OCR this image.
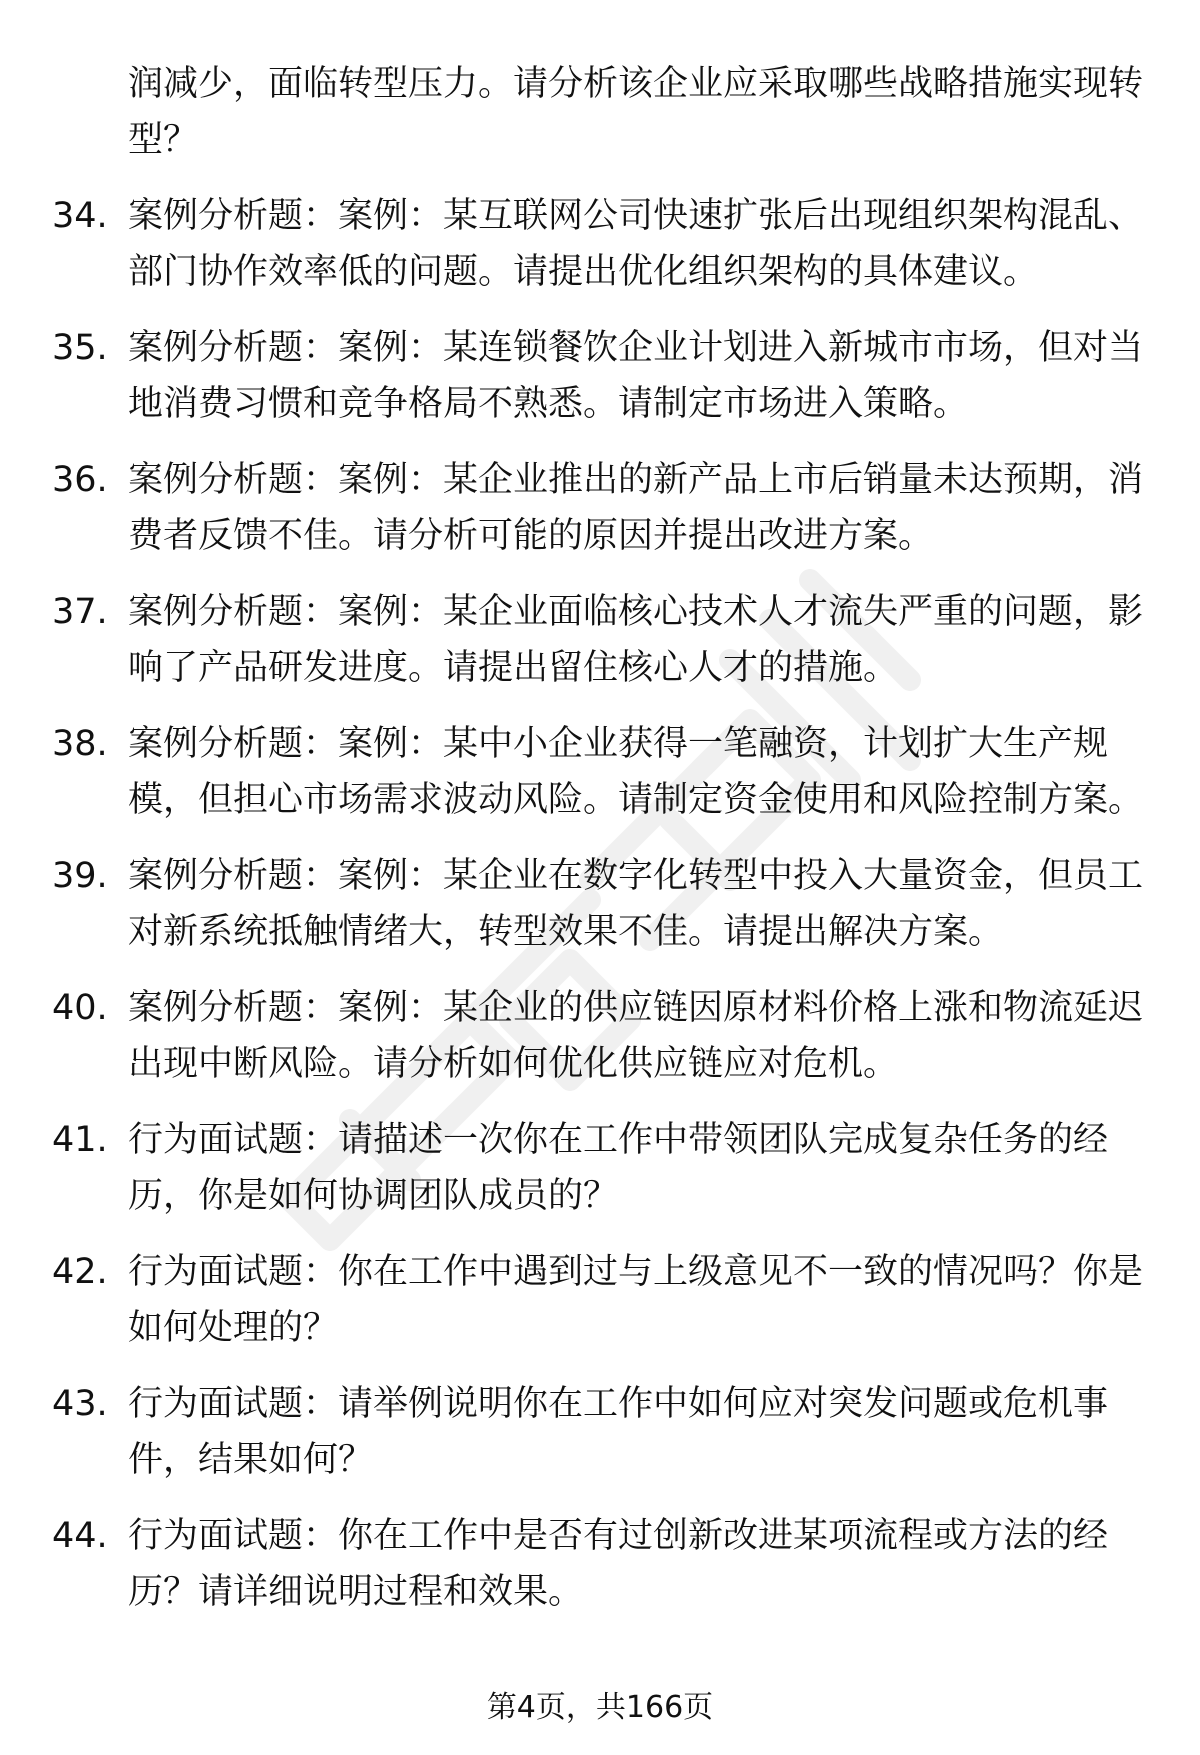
润减少，面临转型压力。请分析该企业应采取哪些战略措施实现转型？
34. 案例分析题：案例：某互联网公司快速扩张后出现组织架构混乱、部门协作效率低的问题。请提出优化组织架构的具体建议。
35. 案例分析题：案例：某连锁餐饮企业计划进入新城市市场，但对当地消费习惯和竞争格局不熟悉。请制定市场进入策略。
36. 案例分析题：案例：某企业推出的新产品上市后销量未达预期，消费者反馈不佳。请分析可能的原因并提出改进方案。
37. 案例分析题：案例：某企业面临核心技术人才流失严重的问题，影响了产品研发进度。请提出留住核心人才的措施。
38. 案例分析题：案例：某中小企业获得一笔融资，计划扩大生产规模，但担心市场需求波动风险。请制定资金使用和风险控制方案。
39. 案例分析题：案例：某企业在数字化转型中投入大量资金，但员工对新系统抵触情绪大，转型效果不佳。请提出解决方案。
40. 案例分析题：案例：某企业的供应链因原材料价格上涨和物流延迟出现中断风险。请分析如何优化供应链应对危机。
41. 行为面试题：请描述一次你在工作中带领团队完成复杂任务的经历，你是如何协调团队成员的？
42. 行为面试题：你在工作中遇到过与上级意见不一致的情况吗？你是如何处理的？
43. 行为面试题：请举例说明你在工作中如何应对突发问题或危机事件，结果如何？
44. 行为面试题：你在工作中是否有过创新改进某项流程或方法的经历？请详细说明过程和效果。
第4页，共166页
